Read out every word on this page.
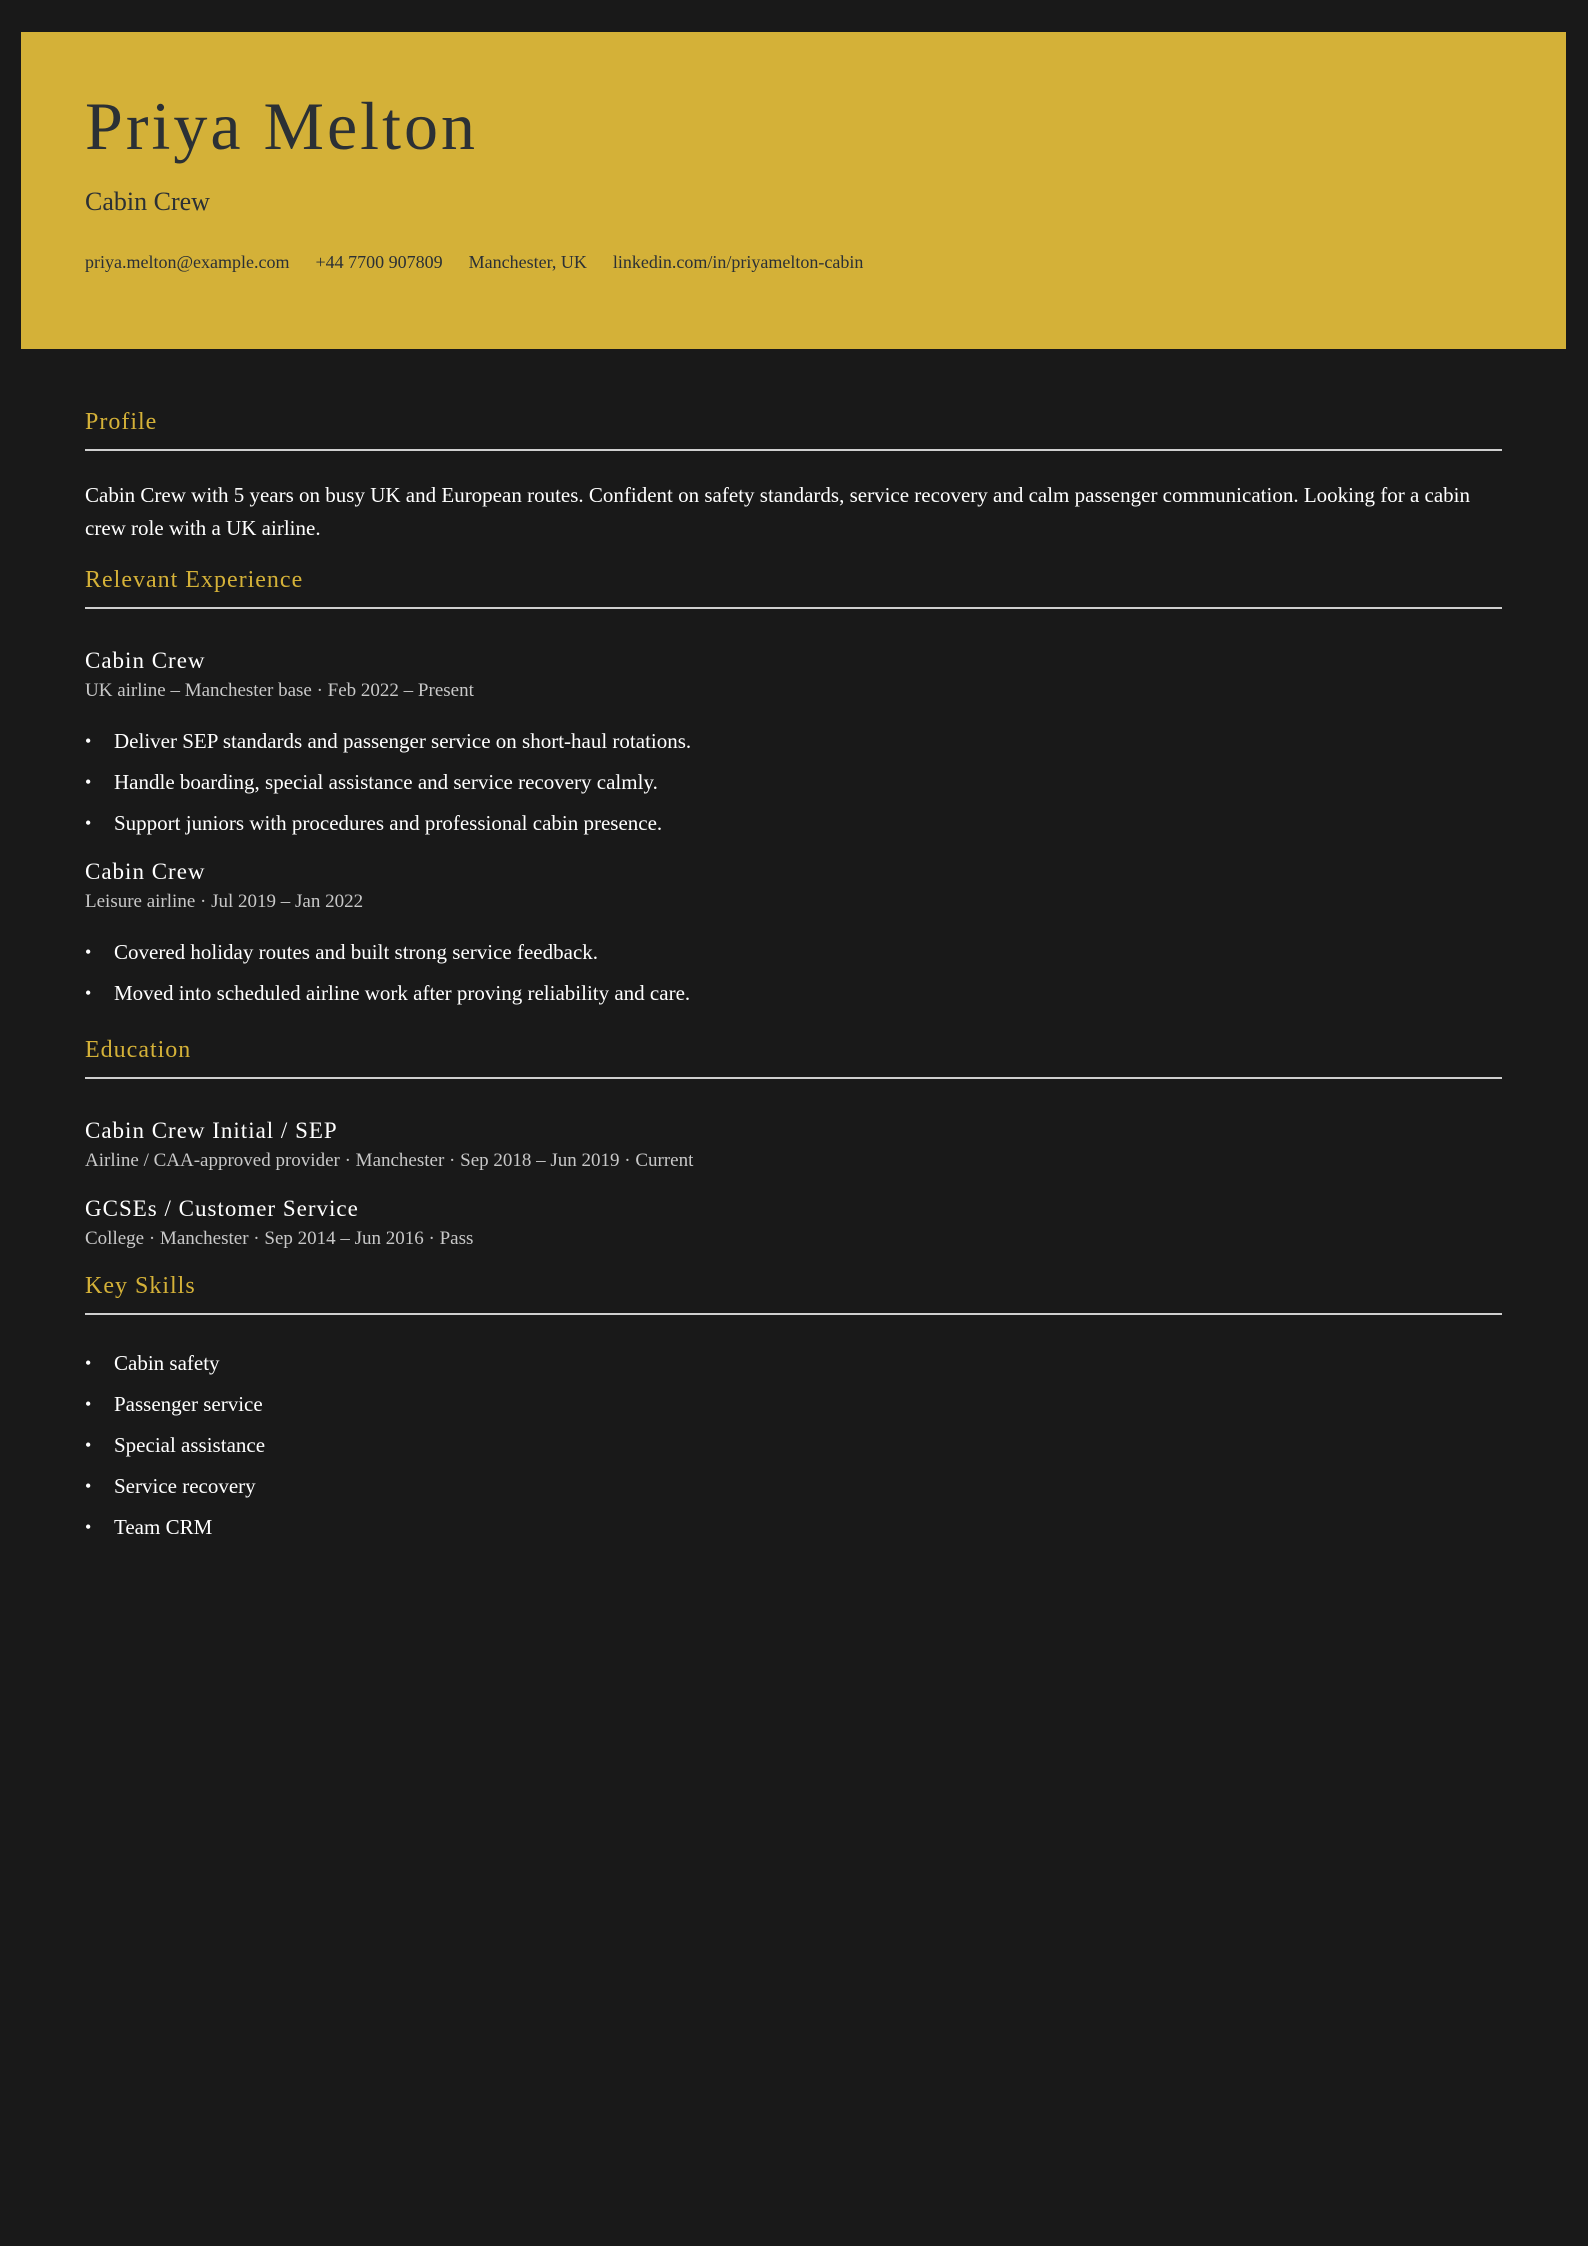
Priya Melton
Cabin Crew
priya.melton@example.com +44 7700 907809 Manchester, UK linkedin.com/in/priyamelton-cabin
Profile

Cabin Crew with 5 years on busy UK and European routes. Confident on safety standards, service recovery and calm passenger communication. Looking for a cabin crew role with a UK airline.

Relevant Experience
Cabin Crew
UK airline – Manchester base · Feb 2022 – Present
• Deliver SEP standards and passenger service on short-haul rotations.
• Handle boarding, special assistance and service recovery calmly.
• Support juniors with procedures and professional cabin presence.
Cabin Crew
Leisure airline · Jul 2019 – Jan 2022
• Covered holiday routes and built strong service feedback.
• Moved into scheduled airline work after proving reliability and care.
Education
Cabin Crew Initial / SEP
Airline / CAA-approved provider · Manchester · Sep 2018 – Jun 2019 · Current
GCSEs / Customer Service
College · Manchester · Sep 2014 – Jun 2016 · Pass
Key Skills
• Cabin safety
• Passenger service
• Special assistance
• Service recovery
• Team CRM
